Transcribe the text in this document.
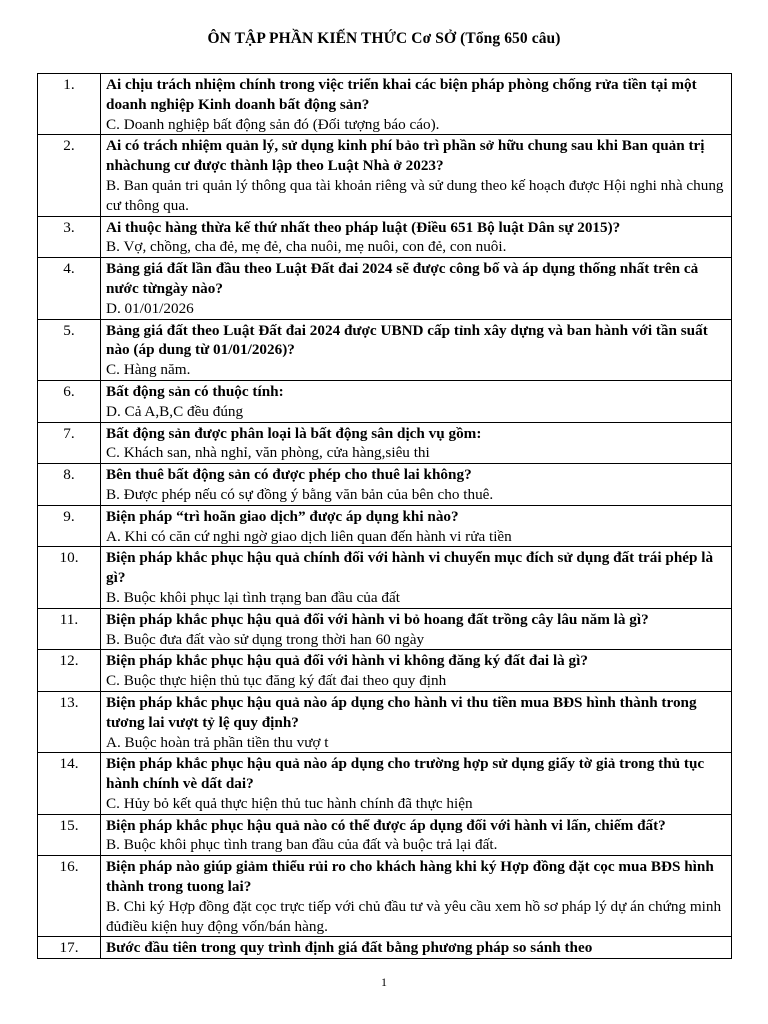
ÔN TẬP PHẦN KIẾN THỨC Cơ SỞ (Tổng 650 câu)
1.	Ai chịu trách nhiệm chính trong việc triển khai các biện pháp phòng chống rửa tiền tại một doanh nghiệp Kinh doanh bất động sản?
C. Doanh nghiệp bất động sản đó (Đối tượng báo cáo).

2.	Ai có trách nhiệm quản lý, sử dụng kinh phí bảo trì phần sở hữu chung sau khi Ban quản trị nhàchung cư được thành lập theo Luật Nhà ở 2023?
B. Ban quản tri quản lý thông qua tài khoản riêng và sử dung theo kế hoạch được Hội nghi nhà chung cư thông qua.

3.	Ai thuộc hàng thừa kế thứ nhất theo pháp luật (Điều 651 Bộ luật Dân sự 2015)?
B. Vợ, chồng, cha đẻ, mẹ đẻ, cha nuôi, mẹ nuôi, con đẻ, con nuôi.

4.	Bảng giá đất lần đầu theo Luật Đất đai 2024 sẽ được công bố và áp dụng thống nhất trên cả nước từngày nào?
D. 01/01/2026

5.	Bảng giá đất theo Luật Đất đai 2024 được UBND cấp tỉnh xây dựng và ban hành với tần suất nào (áp dung từ 01/01/2026)?
C. Hàng năm.

6.	Bất động sản có thuộc tính:
D. Cả A,B,C đều đúng

7.	Bất động sản được phân loại là bất động sân dịch vụ gồm:
C. Khách san, nhà nghỉ, văn phòng, cửa hàng,siêu thi

8.	Bên thuê bất động sản có được phép cho thuê lai không?
B. Được phép nếu có sự đồng ý bằng văn bản của bên cho thuê.

9.	Biện pháp “trì hoãn giao dịch” được áp dụng khi nào?
A. Khi có căn cứ nghi ngờ giao dịch liên quan đến hành vi rửa tiền

10.	Biện pháp khắc phục hậu quả chính đối với hành vi chuyển mục đích sử dụng đất trái phép là gì?
B. Buộc khôi phục lại tình trạng ban đầu của đất

11.	Biện pháp khắc phục hậu quả đối với hành vi bỏ hoang đất trồng cây lâu năm là gì?
B. Buộc đưa đất vào sử dụng trong thời han 60 ngày

12.	Biện pháp khắc phục hậu quả đối với hành vi không đăng ký đất đai là gì?
C. Buộc thực hiện thủ tục đăng ký đất đai theo quy định

13.	Biện pháp khắc phục hậu quả nào áp dụng cho hành vi thu tiền mua BĐS hình thành trong tương lai vượt tỷ lệ quy định?
A. Buộc hoàn trả phần tiền thu vượ t

14.	Biện pháp khắc phục hậu quả nào áp dụng cho trường hợp sử dụng giấy tờ giả trong thủ tục hành chính vè dất dai?
C. Hủy bỏ kết quả thực hiện thủ tuc hành chính đã thực hiện

15.	Biện pháp khắc phục hậu quả nào có thể được áp dụng đối với hành vi lấn, chiếm đất?
B. Buộc khôi phục tình trang ban đầu của đất và buộc trả lại đất.

16.	Biện pháp nào giúp giảm thiểu rủi ro cho khách hàng khi ký Hợp đồng đặt cọc mua BĐS hình thành trong tuong lai?
B. Chi ký Hợp đồng đặt cọc trực tiếp với chủ đầu tư và yêu cầu xem hồ sơ pháp lý dự án chứng minh đủđiều kiện huy động vốn/bán hàng.

17.	Bước đầu tiên trong quy trình định giá đất bằng phương pháp so sánh theo
1
